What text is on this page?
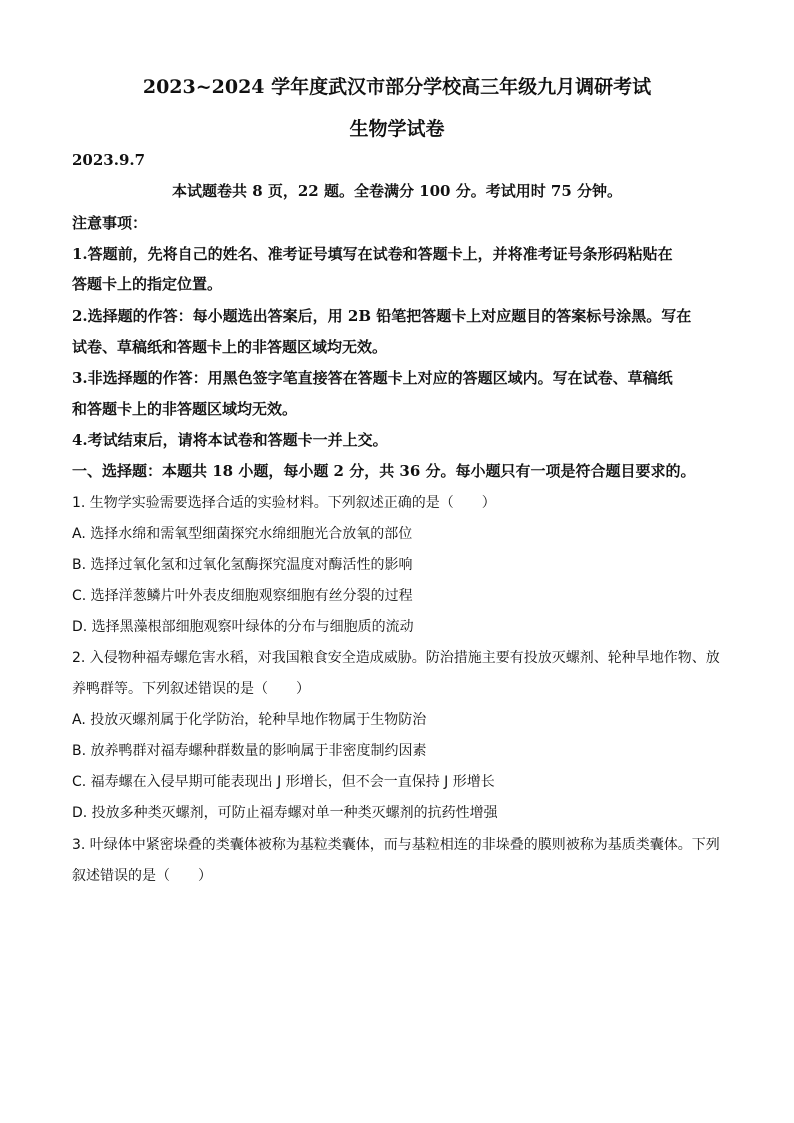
2023~2024 学年度武汉市部分学校高三年级九月调研考试
生物学试卷
2023.9.7
本试题卷共 8 页，22 题。全卷满分 100 分。考试用时 75 分钟。
注意事项：
1.答题前，先将自己的姓名、准考证号填写在试卷和答题卡上，并将准考证号条形码粘贴在
答题卡上的指定位置。
2.选择题的作答：每小题选出答案后，用 2B 铅笔把答题卡上对应题目的答案标号涂黑。写在
试卷、草稿纸和答题卡上的非答题区域均无效。
3.非选择题的作答：用黑色签字笔直接答在答题卡上对应的答题区域内。写在试卷、草稿纸
和答题卡上的非答题区域均无效。
4.考试结束后，请将本试卷和答题卡一并上交。
一、选择题：本题共 18 小题，每小题 2 分，共 36 分。每小题只有一项是符合题目要求的。
1. 生物学实验需要选择合适的实验材料。下列叙述正确的是（　　）
A. 选择水绵和需氧型细菌探究水绵细胞光合放氧的部位
B. 选择过氧化氢和过氧化氢酶探究温度对酶活性的影响
C. 选择洋葱鳞片叶外表皮细胞观察细胞有丝分裂的过程
D. 选择黑藻根部细胞观察叶绿体的分布与细胞质的流动
2. 入侵物种福寿螺危害水稻，对我国粮食安全造成威胁。防治措施主要有投放灭螺剂、轮种旱地作物、放
养鸭群等。下列叙述错误的是（　　）
A. 投放灭螺剂属于化学防治，轮种旱地作物属于生物防治
B. 放养鸭群对福寿螺种群数量的影响属于非密度制约因素
C. 福寿螺在入侵早期可能表现出 J 形增长，但不会一直保持 J 形增长
D. 投放多种类灭螺剂，可防止福寿螺对单一种类灭螺剂的抗药性增强
3. 叶绿体中紧密垛叠的类囊体被称为基粒类囊体，而与基粒相连的非垛叠的膜则被称为基质类囊体。下列
叙述错误的是（　　）
